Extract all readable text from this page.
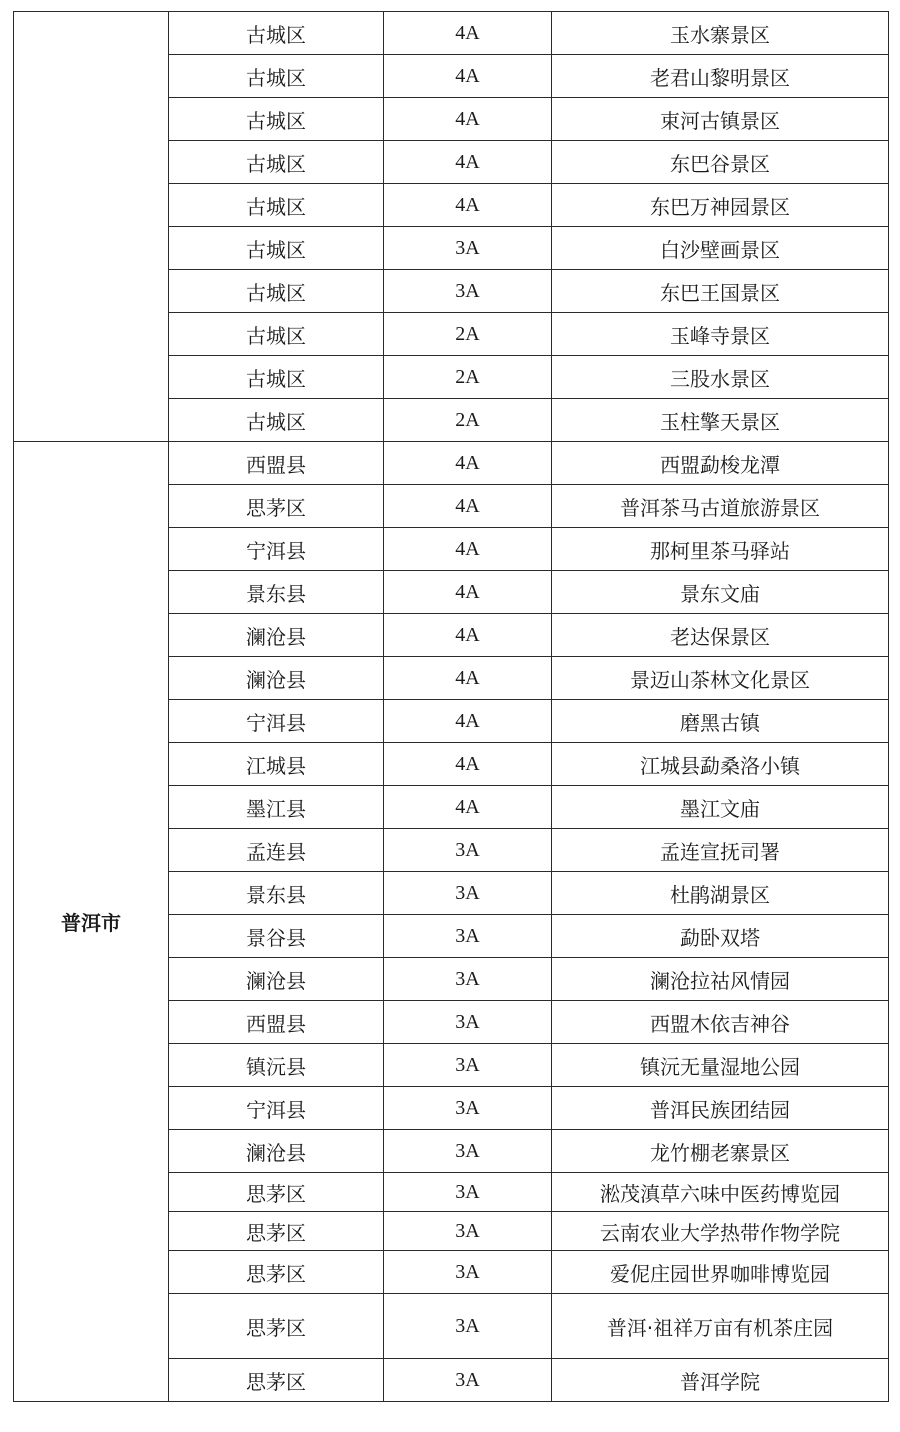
	古城区	4A	玉水寨景区
	古城区	4A	老君山黎明景区
	古城区	4A	束河古镇景区
	古城区	4A	东巴谷景区
	古城区	4A	东巴万神园景区
	古城区	3A	白沙壁画景区
	古城区	3A	东巴王国景区
	古城区	2A	玉峰寺景区
	古城区	2A	三股水景区
	古城区	2A	玉柱擎天景区
普洱市	西盟县	4A	西盟勐梭龙潭
	思茅区	4A	普洱茶马古道旅游景区
	宁洱县	4A	那柯里茶马驿站
	景东县	4A	景东文庙
	澜沧县	4A	老达保景区
	澜沧县	4A	景迈山茶林文化景区
	宁洱县	4A	磨黑古镇
	江城县	4A	江城县勐桑洛小镇
	墨江县	4A	墨江文庙
	孟连县	3A	孟连宣抚司署
	景东县	3A	杜鹃湖景区
	景谷县	3A	勐卧双塔
	澜沧县	3A	澜沧拉祜风情园
	西盟县	3A	西盟木依吉神谷
	镇沅县	3A	镇沅无量湿地公园
	宁洱县	3A	普洱民族团结园
	澜沧县	3A	龙竹棚老寨景区
	思茅区	3A	淞茂滇草六味中医药博览园
	思茅区	3A	云南农业大学热带作物学院
	思茅区	3A	爱伲庄园世界咖啡博览园
	思茅区	3A	普洱·祖祥万亩有机茶庄园
	思茅区	3A	普洱学院
